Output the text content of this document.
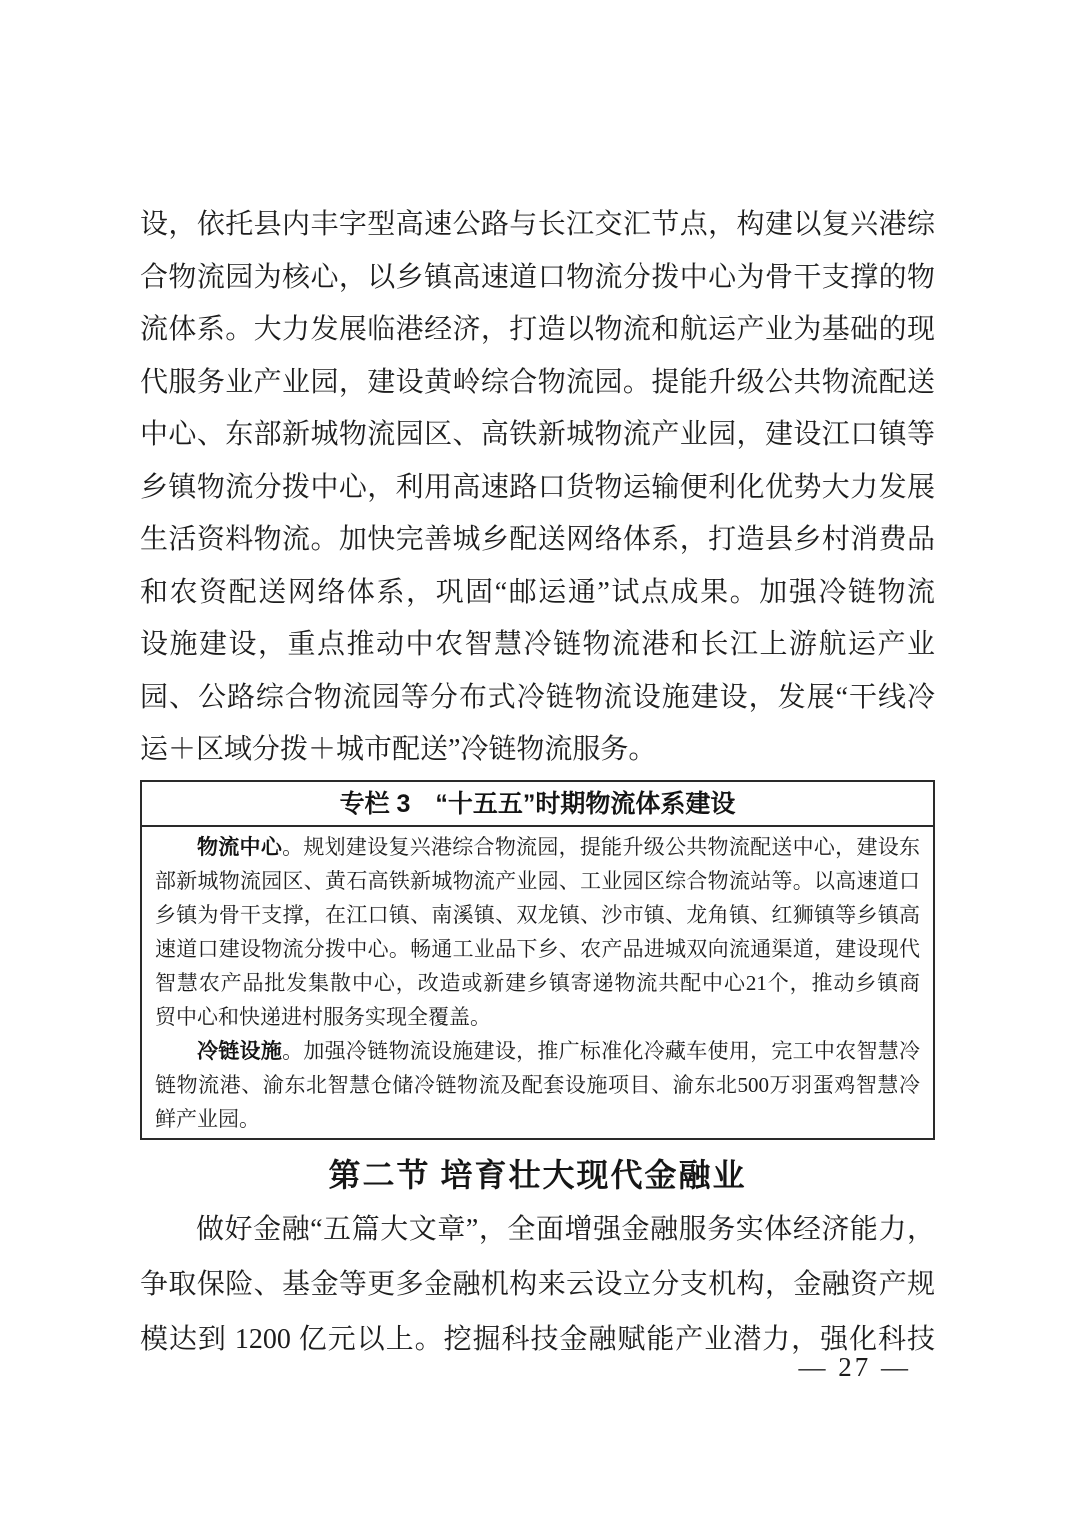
设，依托县内丰字型高速公路与长江交汇节点，构建以复兴港综
合物流园为核心，以乡镇高速道口物流分拨中心为骨干支撑的物
流体系。大力发展临港经济，打造以物流和航运产业为基础的现
代服务业产业园，建设黄岭综合物流园。提能升级公共物流配送
中心、东部新城物流园区、高铁新城物流产业园，建设江口镇等
乡镇物流分拨中心，利用高速路口货物运输便利化优势大力发展
生活资料物流。加快完善城乡配送网络体系，打造县乡村消费品
和农资配送网络体系，巩固“邮运通”试点成果。加强冷链物流
设施建设，重点推动中农智慧冷链物流港和长江上游航运产业
园、公路综合物流园等分布式冷链物流设施建设，发展“干线冷
运＋区域分拨＋城市配送”冷链物流服务。
专栏 3　“十五五”时期物流体系建设
物流中心。规划建设复兴港综合物流园，提能升级公共物流配送中心，建设东
部新城物流园区、黄石高铁新城物流产业园、工业园区综合物流站等。以高速道口
乡镇为骨干支撑，在江口镇、南溪镇、双龙镇、沙市镇、龙角镇、红狮镇等乡镇高
速道口建设物流分拨中心。畅通工业品下乡、农产品进城双向流通渠道，建设现代
智慧农产品批发集散中心，改造或新建乡镇寄递物流共配中心21个，推动乡镇商
贸中心和快递进村服务实现全覆盖。
冷链设施。加强冷链物流设施建设，推广标准化冷藏车使用，完工中农智慧冷
链物流港、渝东北智慧仓储冷链物流及配套设施项目、渝东北500万羽蛋鸡智慧冷
鲜产业园。
第二节 培育壮大现代金融业
做好金融“五篇大文章”，全面增强金融服务实体经济能力，
争取保险、基金等更多金融机构来云设立分支机构，金融资产规
模达到 1200 亿元以上。挖掘科技金融赋能产业潜力，强化科技
— 27 —
